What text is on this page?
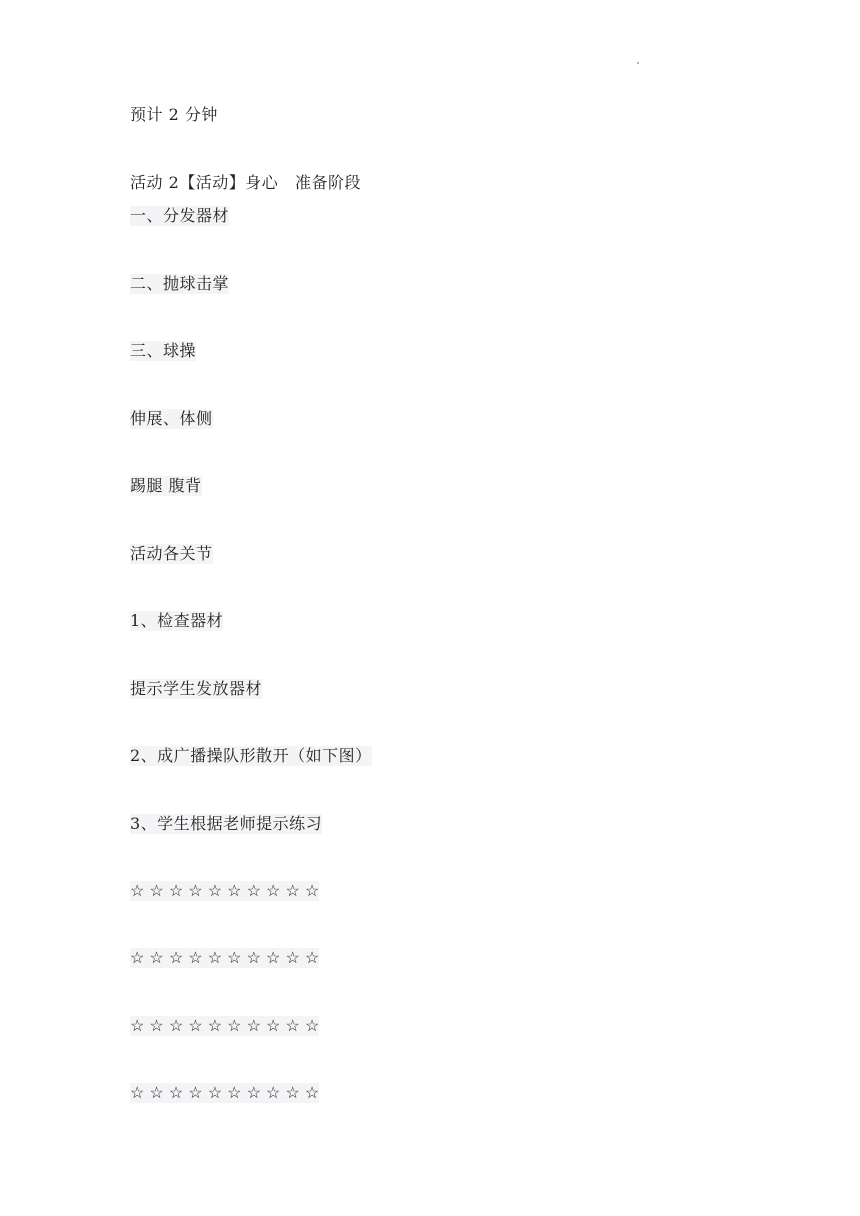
预计 2 分钟
活动 2【活动】身心   准备阶段
一、分发器材
二、抛球击掌
三、球操
伸展、体侧
踢腿 腹背
活动各关节
1、检查器材
提示学生发放器材
2、成广播操队形散开（如下图）
3、学生根据老师提示练习
☆ ☆ ☆ ☆ ☆ ☆ ☆ ☆ ☆ ☆
☆ ☆ ☆ ☆ ☆ ☆ ☆ ☆ ☆ ☆
☆ ☆ ☆ ☆ ☆ ☆ ☆ ☆ ☆ ☆
☆ ☆ ☆ ☆ ☆ ☆ ☆ ☆ ☆ ☆
